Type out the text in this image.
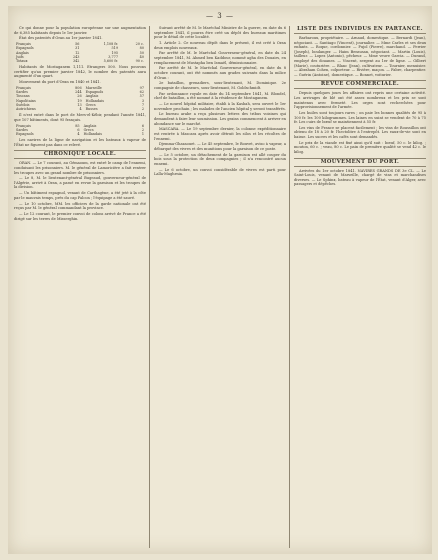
— 3 —

Ce qui donne pour la population européenne sur une augmentation de 6,385 habitants depuis le 1er janvier.

État des patentés d'Oran au 1er janvier 1841.

Français	56	1,108 fr.	20 c.
Espagnols	31	519	80
Anglais	12	195	50
Juifs	243	3,777	40
Totaux	342	5,600 fr.	90 c.

Habitants de Mostaganem 1,111. Etrangers 500. Nous pouvons certifier qu'au premier janvier 1842, le nombre des patentés aura augmenté d'un quart.

Mouvement du port d'Oran en 1840 et 1841.

Français	806	Marseille	97
Sardes	244	Espagnols	62
Toscans	26	Anglais	57
Napolitains	19	Hollandais	3
Suédois	13	Grecs	7
Autrichiens	4	Russes	2

Il n'est entré dans le port de Mers-el-Kébir, pendant l'année 1841, que 107 bâtiments, dont 95 français.

Français	85	Anglais	6
Sardes	6	Grecs	2
Espagnols	4	Hollandais	1

Les navires de la ligne de navigation et les bateaux à vapeur de l'État ne figurent pas dans ce relevé.

CHRONIQUE LOCALE.

ORAN. — Le 7 courant, au Gémaoum, est entré le camp de l'ennemi, conduisant les prisonniers. M. le général de Lamoricière a fait rentrer les troupes avec un grand nombre de prisonniers.

— Le 8, M. le lieutenant-général Bugeaud, gouverneur-général de l'Algérie, arrivé à Oran, a passé en revue la garnison et les troupes de la division.

— Un bâtiment espagnol, venant de Carthagène, a été jeté à la côte par le mauvais temps, près du cap Falcon ; l'équipage a été sauvé.

— Le 10 octobre, MM. les officiers de la garde nationale ont été reçus par M. le général commandant la province.

— Le 12 courant, le premier convoi de colons arrivé de France a été dirigé sur les terres de Misserghin.

Suivant arrêté de M. le Maréchal Ministre de la guerre, en date du 6 septembre 1841, il pourra être créé un dépôt des bureaux maritimes pour le détail de cette localité.

1. Article 2. Ce nouveau dépôt dans le présent, il est créé à Oran deux emplois nouveaux.

Par arrêté de M. le Maréchal Gouverneur-général, en date du 24 septembre 1841, M. Ahmed ben Kaddour, nommé agha des Douairs, en remplacement de Mustapha ben Ismaël, démissionnaire.

Par arrêté de M. le Maréchal Gouverneur-général, en date du 8 octobre courant, ont été nommés aux grades suivants dans la milice d'Oran :

2e bataillon, grenadiers, sous-lieutenant, M. Dominique. 2e compagnie de chasseurs, sous-lieutenant, M. Goldschmidt.

Par ordonnance royale en date du 14 septembre 1841, M. Blondel, chef de bataillon, a été nommé à la résidence de Mostaganem.

— Le nouvel hôpital militaire, établi à la Kasbah, sera ouvert le 1er novembre prochain ; les malades de l'ancien hôpital y seront transférés.

Le bureau arabe a reçu plusieurs lettres des tribus voisines qui demandent à faire leur soumission. Les grains commencent à arriver en abondance sur le marché.

MASCARA. — Le 19 septembre dernier, la colonne expéditionnaire est rentrée à Mascara après avoir détruit les silos et les récoltes de l'ennemi.

Djemma-Ghazaouet. — Le 45 septembre, le Bouvet, aviso à vapeur, a débarqué des vivres et des munitions pour la garnison de ce poste.

— Le 5 octobre, un détachement de la garnison est allé couper du bois sous la protection de deux compagnies ; il n'a rencontré aucun ennemi.

— Le 6 octobre, un convoi considérable de vivres est parti pour Lalla-Maghrnia.

LISTE DES INDIVIDUS EN PARTANCE.

Barbaroux, propriétaire. — Arnaud, domestique. — Bernardi (Jean), négociant. — Santiago (Vincent), journalier. — Mme Carles et ses deux enfants. — Roque, cordonnier. — Pujol (Pierre), marchand. — Ferrier (Joseph), boulanger. — Haim Bensusan, négociant. — Martin (Louis), tailleur. — Lopez (Antonio), pêcheur. — Mme veuve Garcia. — Durand, employé des douanes. — Vincent, sergent au 1er de ligne. — Gilbert (Marie), couturière. — Blanc (Jean), cultivateur. — Tournier, menuisier. — Abraham Cohen, colporteur. — Rivière, maçon. — Fabre, charpentier. — Guérin (Antoine), domestique. — Bonnet, voiturier.

REVUE COMMERCIALE.

Depuis quelques jours les affaires ont repris une certaine activité. Les arrivages de blé ont été assez nombreux et les prix se sont maintenus avec fermeté. Les orges sont recherchées pour l'approvisionnement de l'armée.

Les huiles sont toujours rares ; on paie les bonnes qualités de 95 à 100 fr. les 100 kilogrammes. Les laines en suint se vendent de 70 à 75 fr. Les cuirs de bœuf se maintiennent à 55 fr.

Les vins de France se placent facilement ; les vins de Roussillon ont obtenu de 18 à 20 fr. l'hectolitre à l'entrepôt. Les eaux-de-vie sont en baisse. Les sucres et les cafés sont demandés.

Le prix de la viande est fixé ainsi qu'il suit : bœuf, 50 c. le kilog. ; mouton, 60 c. ; veau, 80 c. Le pain de première qualité se vend 42 c. le kilog.

MOUVEMENT DU PORT.

Arrivées du 1er octobre 1841. NAVIRES GRANDS DE 3e CL. — Le Saint-Louis, venant de Marseille, chargé de vins et marchandises diverses. — Le Sphinx, bateau à vapeur de l'État, venant d'Alger, avec passagers et dépêches.
